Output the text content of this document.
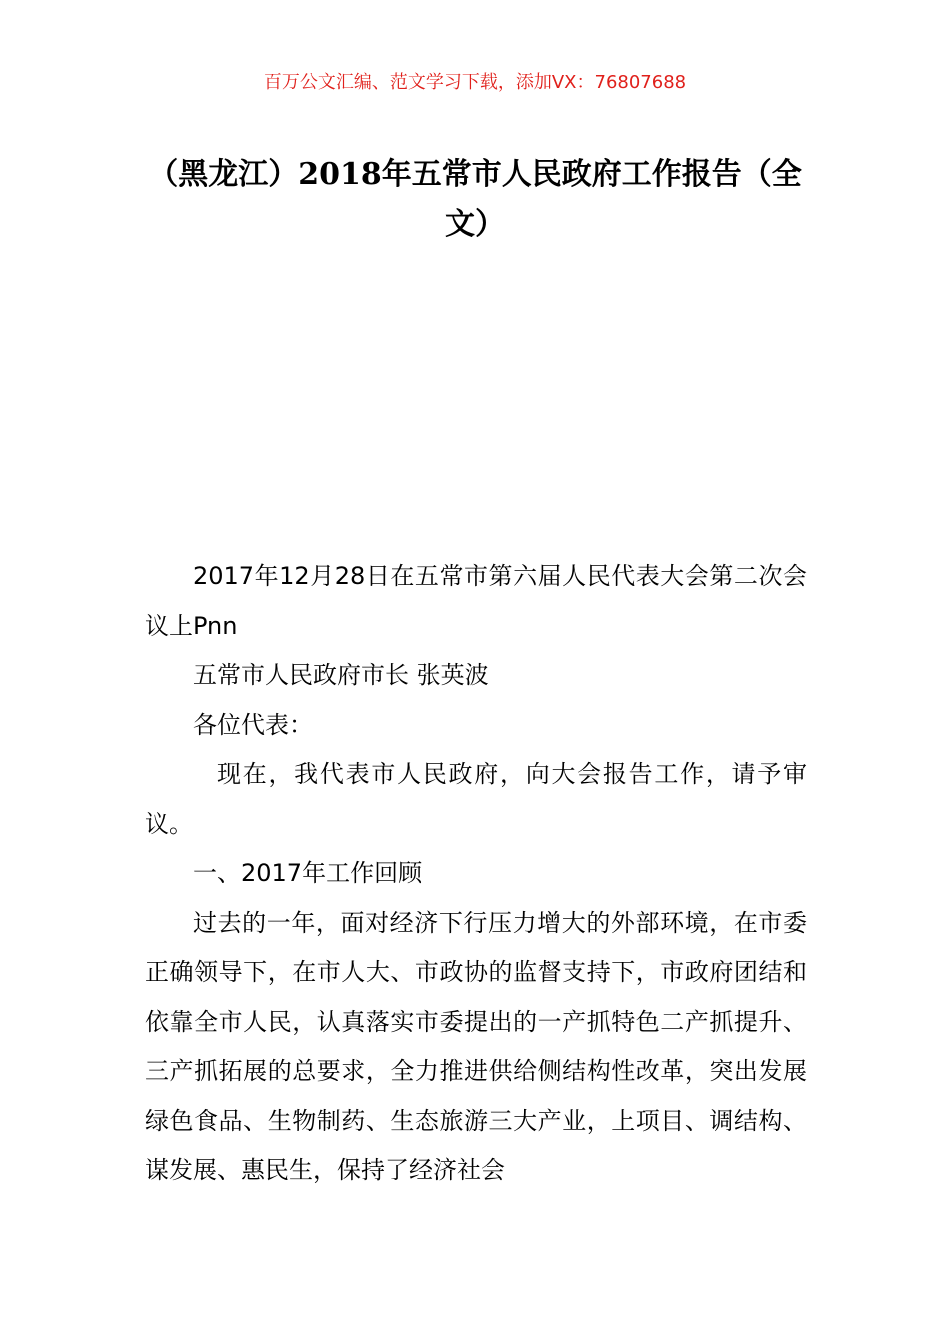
百万公文汇编、范文学习下载，添加VX：76807688
（黑龙江）2018年五常市人民政府工作报告（全文）

2017年12月28日在五常市第六届人民代表大会第二次会议上Pnn

五常市人民政府市长 张英波

各位代表：

现在，我代表市人民政府，向大会报告工作，请予审议。

一、2017年工作回顾

过去的一年，面对经济下行压力增大的外部环境，在市委正确领导下，在市人大、市政协的监督支持下，市政府团结和依靠全市人民，认真落实市委提出的一产抓特色二产抓提升、三产抓拓展的总要求，全力推进供给侧结构性改革，突出发展绿色食品、生物制药、生态旅游三大产业，上项目、调结构、谋发展、惠民生，保持了经济社会
